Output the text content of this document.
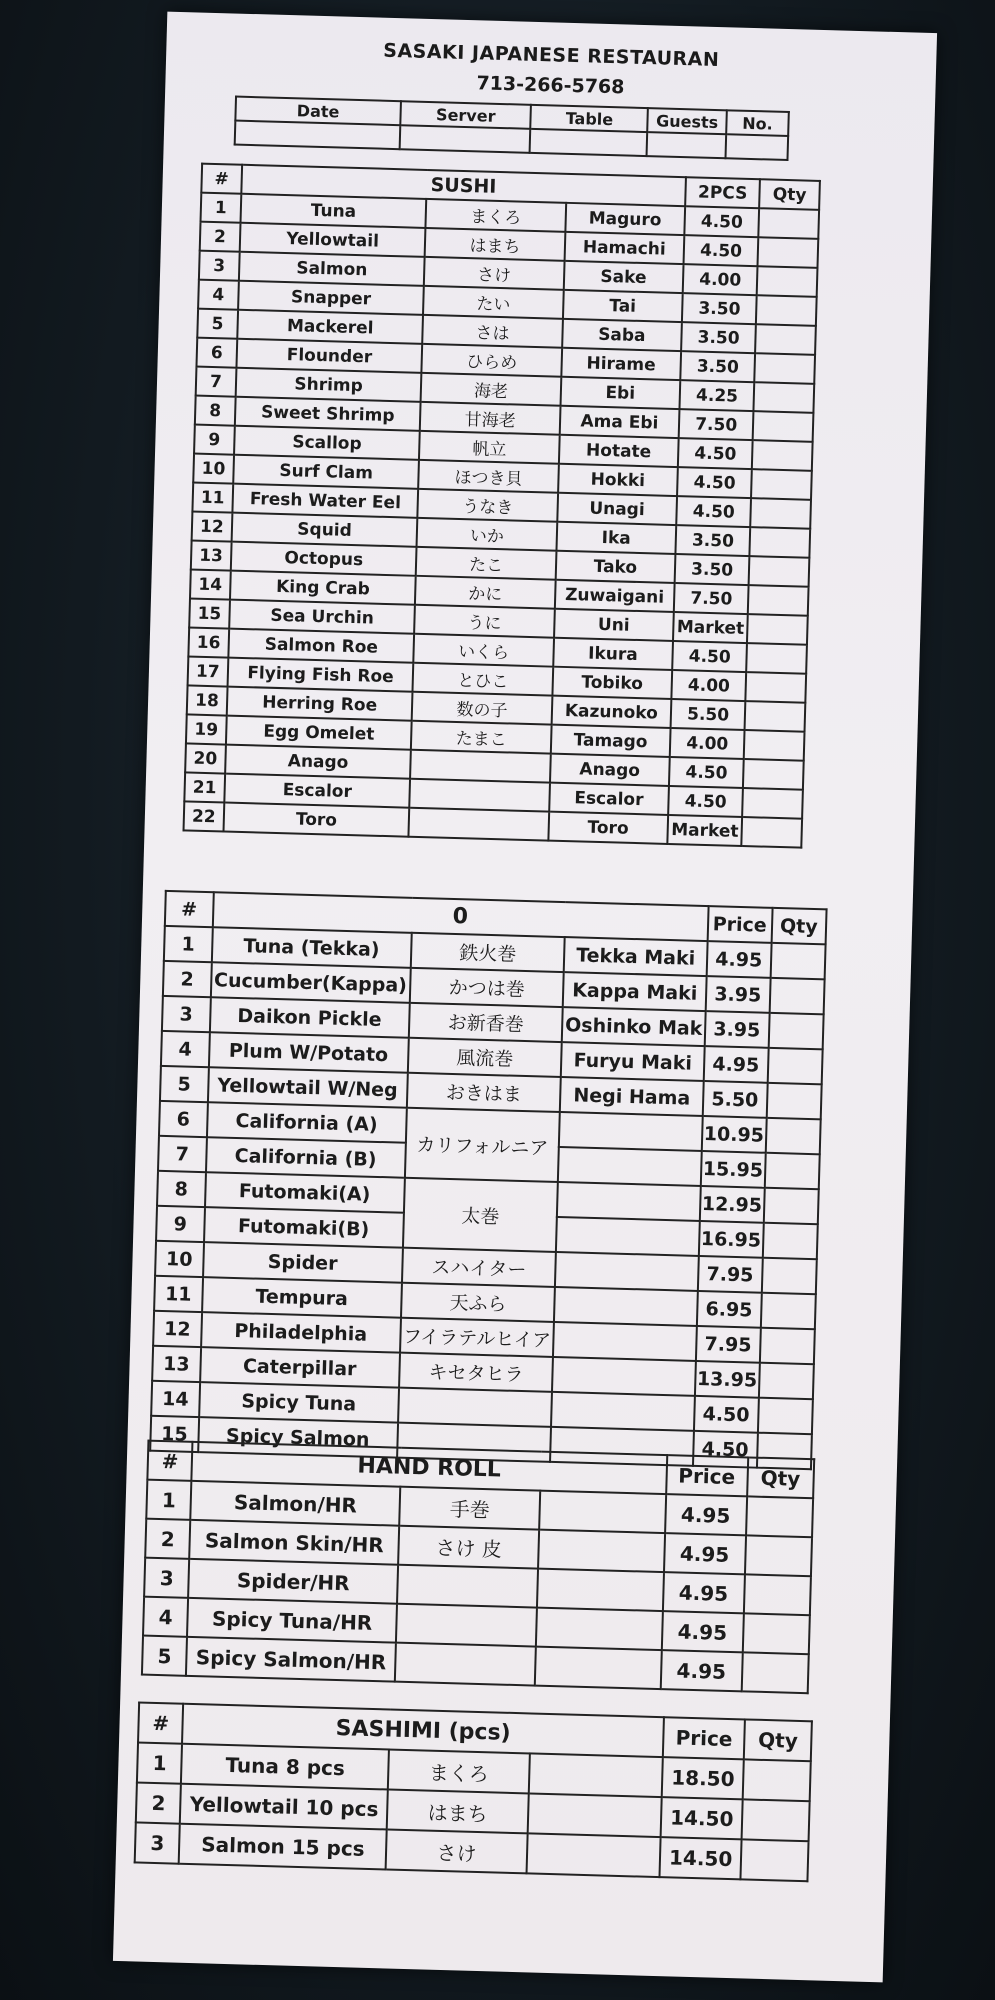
SASAKI JAPANESE RESTAURAN
713-266-5768
Date	Server	Table	Guests	No.

#	SUSHI			2PCS	Qty
1	Tuna	まくろ	Maguro	4.50	
2	Yellowtail	はまち	Hamachi	4.50	
3	Salmon	さけ	Sake	4.00	
4	Snapper	たい	Tai	3.50	
5	Mackerel	さは	Saba	3.50	
6	Flounder	ひらめ	Hirame	3.50	
7	Shrimp	海老	Ebi	4.25	
8	Sweet Shrimp	甘海老	Ama Ebi	7.50	
9	Scallop	帆立	Hotate	4.50	
10	Surf Clam	ほつき貝	Hokki	4.50	
11	Fresh Water Eel	うなき	Unagi	4.50	
12	Squid	いか	Ika	3.50	
13	Octopus	たこ	Tako	3.50	
14	King Crab	かに	Zuwaigani	7.50	
15	Sea Urchin	うに	Uni	Market	
16	Salmon Roe	いくら	Ikura	4.50	
17	Flying Fish Roe	とひこ	Tobiko	4.00	
18	Herring Roe	数の子	Kazunoko	5.50	
19	Egg Omelet	たまこ	Tamago	4.00	
20	Anago		Anago	4.50	
21	Escalor		Escalor	4.50	
22	Toro		Toro	Market	
#	0			Price	Qty
1	Tuna (Tekka)	鉄火巻	Tekka Maki	4.95	
2	Cucumber(Kappa)	かつは巻	Kappa Maki	3.95	
3	Daikon Pickle	お新香巻	Oshinko Mak	3.95	
4	Plum W/Potato	風流巻	Furyu Maki	4.95	
5	Yellowtail W/Neg	おきはま	Negi Hama	5.50	
6	California (A)	カリフォルニア		10.95	
7	California (B)			15.95	
8	Futomaki(A)	太巻		12.95	
9	Futomaki(B)			16.95	
10	Spider	スハイター		7.95	
11	Tempura	天ふら		6.95	
12	Philadelphia	フイラテルヒイア		7.95	
13	Caterpillar	キセタヒラ		13.95	
14	Spicy Tuna			4.50	
15	Spicy Salmon			4.50	
#	HAND ROLL			Price	Qty
1	Salmon/HR	手巻		4.95	
2	Salmon Skin/HR	さけ 皮		4.95	
3	Spider/HR			4.95	
4	Spicy Tuna/HR			4.95	
5	Spicy Salmon/HR			4.95	
#	SASHIMI (pcs)			Price	Qty
1	Tuna 8 pcs	まくろ		18.50	
2	Yellowtail 10 pcs	はまち		14.50	
3	Salmon 15 pcs	さけ		14.50	
